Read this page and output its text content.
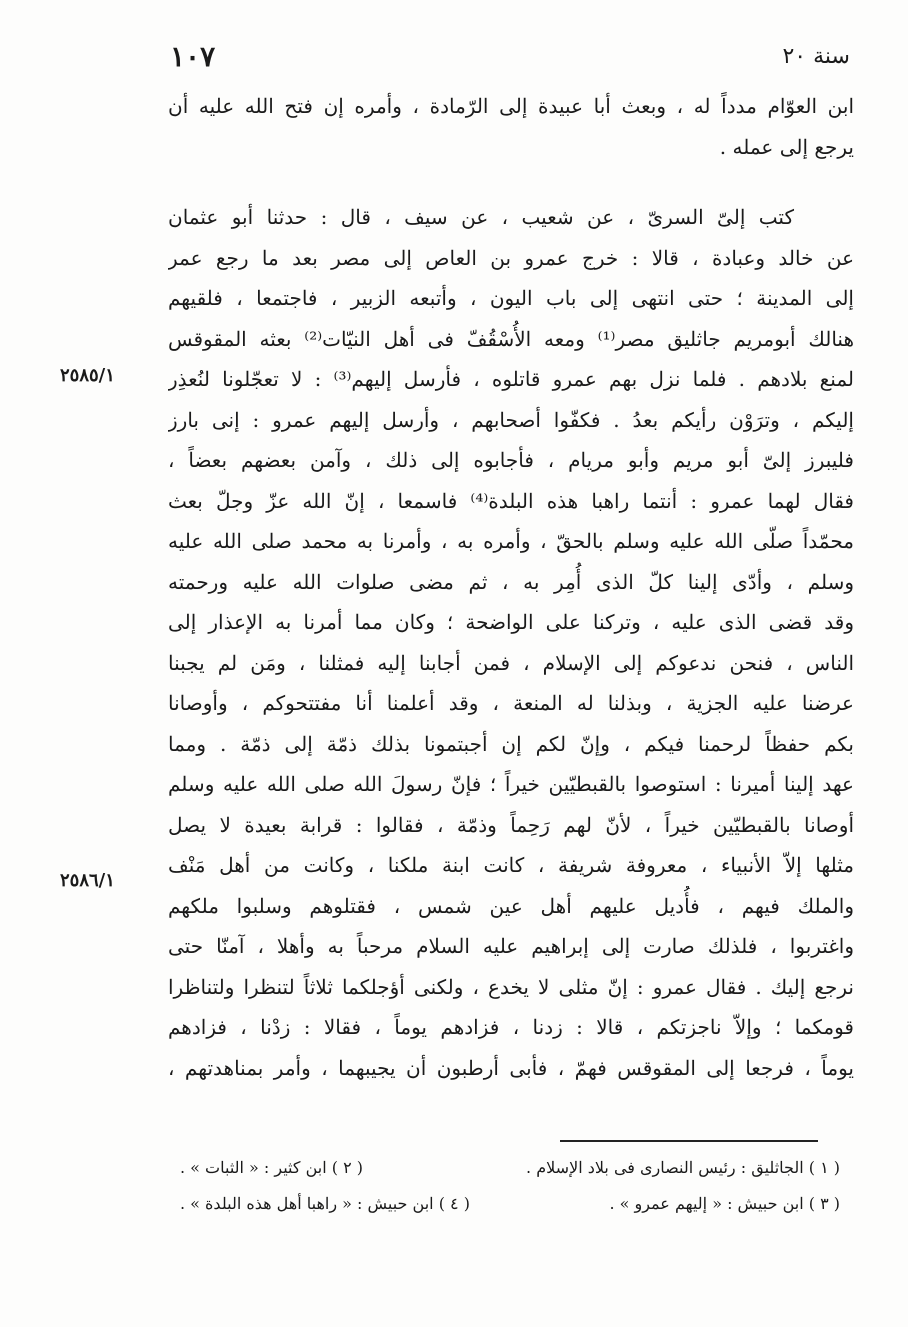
سنة ٢٠
١٠٧
ابن العوّام مدداً له ، وبعث أبا عبيدة إلى الرّمادة ، وأمره إن فتح الله عليه أن
يرجع إلى عمله .
كتب إلىّ السرىّ ، عن شعيب ، عن سيف ، قال : حدثنا أبو عثمان
عن خالد وعبادة ، قالا : خرج عمرو بن العاص إلى مصر بعد ما رجع عمر
إلى المدينة ؛ حتى انتهى إلى باب اليون ، وأتبعه الزبير ، فاجتمعا ، فلقيهم
هنالك أبومريم جاثليق مصر⁽¹⁾ ومعه الأُسْقُفّ فى أهل النيّات⁽²⁾ بعثه المقوقس
لمنع بلادهم . فلما نزل بهم عمرو قاتلوه ، فأرسل إليهم⁽³⁾ : لا تعجّلونا لنُعذِر
إليكم ، وترَوْن رأيكم بعدُ . فكفّوا أصحابهم ، وأرسل إليهم عمرو : إنى بارز
فليبرز إلىّ أبو مريم وأبو مريام ، فأجابوه إلى ذلك ، وآمن بعضهم بعضاً ،
فقال لهما عمرو : أنتما راهبا هذه البلدة⁽⁴⁾ فاسمعا ، إنّ الله عزّ وجلّ بعث
محمّداً صلّى الله عليه وسلم بالحقّ ، وأمره به ، وأمرنا به محمد صلى الله عليه
وسلم ، وأدّى إلينا كلّ الذى أُمِر به ، ثم مضى صلوات الله عليه ورحمته
وقد قضى الذى عليه ، وتركنا على الواضحة ؛ وكان مما أمرنا به الإعذار إلى
الناس ، فنحن ندعوكم إلى الإسلام ، فمن أجابنا إليه فمثلنا ، ومَن لم يجبنا
عرضنا عليه الجزية ، وبذلنا له المنعة ، وقد أعلمنا أنا مفتتحوكم ، وأوصانا
بكم حفظاً لرحمنا فيكم ، وإنّ لكم إن أجبتمونا بذلك ذمّة إلى ذمّة . ومما
عهد إلينا أميرنا : استوصوا بالقبطيّين خيراً ؛ فإنّ رسولَ الله صلى الله عليه وسلم
أوصانا بالقبطيّين خيراً ، لأنّ لهم رَحِماً وذمّة ، فقالوا : قرابة بعيدة لا يصل
مثلها إلاّ الأنبياء ، معروفة شريفة ، كانت ابنة ملكنا ، وكانت من أهل مَنْف
والملك فيهم ، فأُديل عليهم أهل عين شمس ، فقتلوهم وسلبوا ملكهم
واغتربوا ، فلذلك صارت إلى إبراهيم عليه السلام مرحباً به وأهلا ، آمنّا حتى
نرجع إليك . فقال عمرو : إنّ مثلى لا يخدع ، ولكنى أؤجلكما ثلاثاً لتنظرا ولتناظرا
قومكما ؛ وإلاّ ناجزتكم ، قالا : زدنا ، فزادهم يوماً ، فقالا : زدْنا ، فزادهم
يوماً ، فرجعا إلى المقوقس فهمّ ، فأبى أرطبون أن يجيبهما ، وأمر بمناهدتهم ،
٢٥٨٥/١
٢٥٨٦/١
( ١ ) الجاثليق : رئيس النصارى فى بلاد الإسلام .
( ٢ ) ابن كثير : « الثبات » .
( ٣ ) ابن حبيش : « إليهم عمرو » .
( ٤ ) ابن حبيش : « راهبا أهل هذه البلدة » .
